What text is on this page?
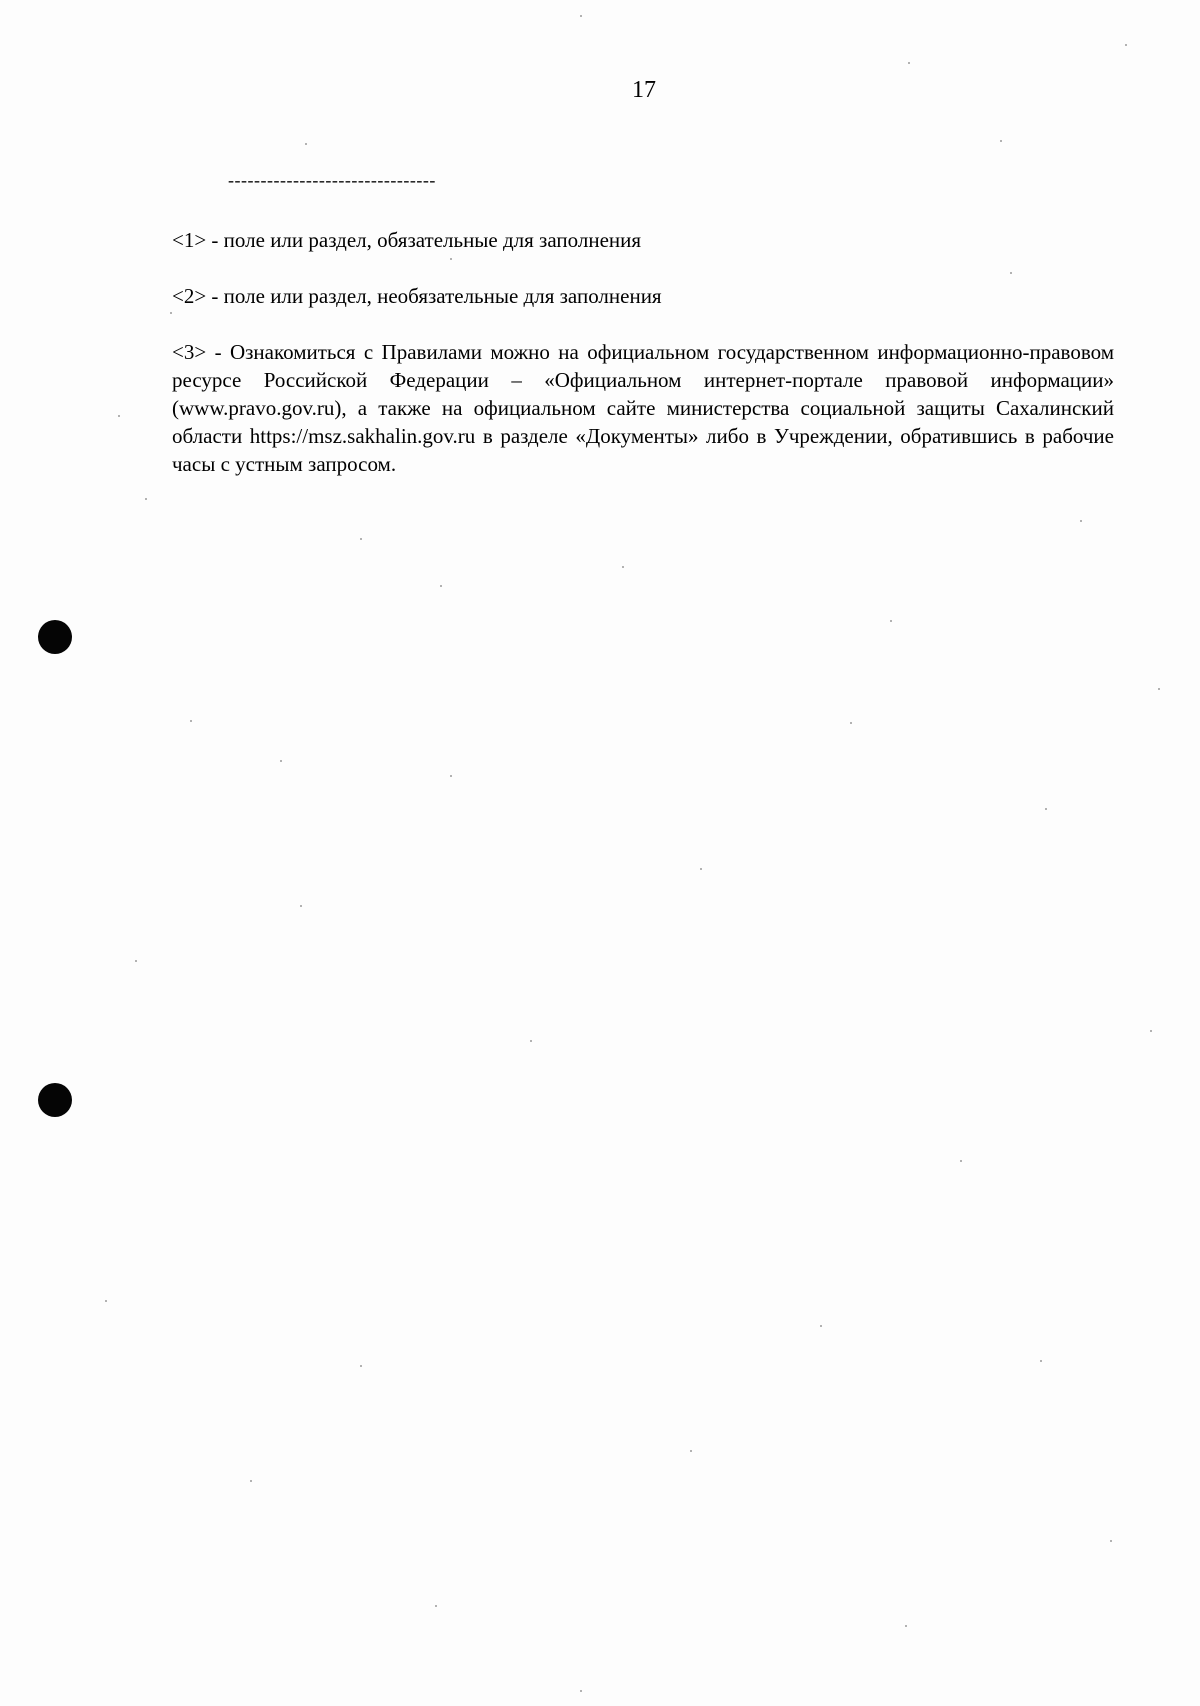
17
--------------------------------

<1> - поле или раздел, обязательные для заполнения

<2> - поле или раздел, необязательные для заполнения

<3> - Ознакомиться с Правилами можно на официальном государственном информационно-правовом ресурсе Российской Федерации – «Официальном интернет-портале правовой информации» (www.pravo.gov.ru), а также на официальном сайте министерства социальной защиты Сахалинский области https://msz.sakhalin.gov.ru в разделе «Документы» либо в Учреждении, обратившись в рабочие часы с устным запросом.
